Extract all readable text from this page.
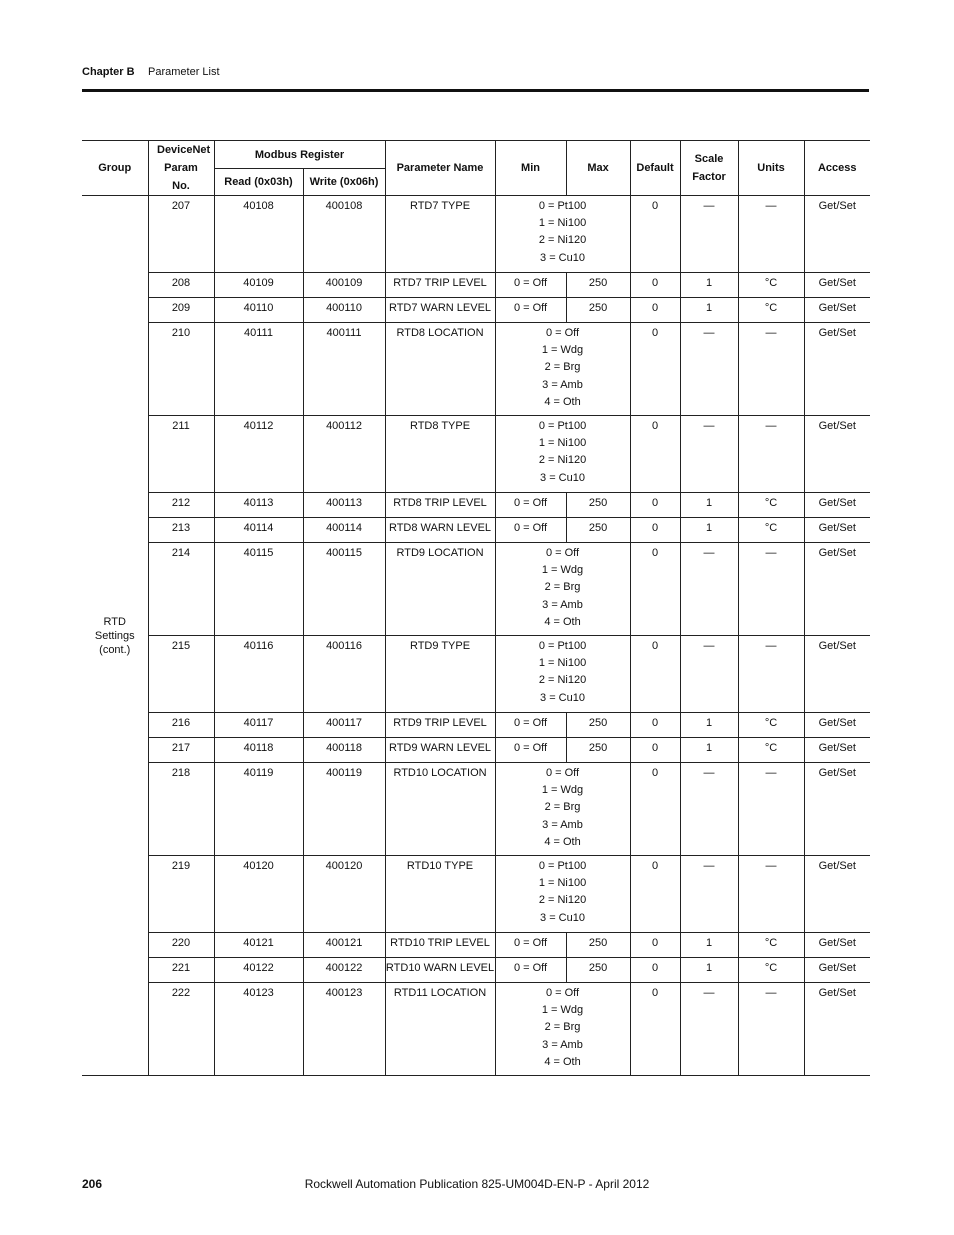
Chapter B Parameter List
Group	DeviceNet Param No.	Modbus Register		Parameter Name	Min	Max	Default	Scale Factor	Units	Access
		Read (0x03h)	Write (0x06h)							
RTD
Settings
(cont.)	207	40108	400108	RTD7 TYPE	0 = Pt100
1 = Ni100
2 = Ni120
3 = Cu10		0	—	—	Get/Set
	208	40109	400109	RTD7 TRIP LEVEL	0 = Off	250	0	1	°C	Get/Set
	209	40110	400110	RTD7 WARN LEVEL	0 = Off	250	0	1	°C	Get/Set
	210	40111	400111	RTD8 LOCATION	0 = Off
1 = Wdg
2 = Brg
3 = Amb
4 = Oth		0	—	—	Get/Set
	211	40112	400112	RTD8 TYPE	0 = Pt100
1 = Ni100
2 = Ni120
3 = Cu10		0	—	—	Get/Set
	212	40113	400113	RTD8 TRIP LEVEL	0 = Off	250	0	1	°C	Get/Set
	213	40114	400114	RTD8 WARN LEVEL	0 = Off	250	0	1	°C	Get/Set
	214	40115	400115	RTD9 LOCATION	0 = Off
1 = Wdg
2 = Brg
3 = Amb
4 = Oth		0	—	—	Get/Set
	215	40116	400116	RTD9 TYPE	0 = Pt100
1 = Ni100
2 = Ni120
3 = Cu10		0	—	—	Get/Set
	216	40117	400117	RTD9 TRIP LEVEL	0 = Off	250	0	1	°C	Get/Set
	217	40118	400118	RTD9 WARN LEVEL	0 = Off	250	0	1	°C	Get/Set
	218	40119	400119	RTD10 LOCATION	0 = Off
1 = Wdg
2 = Brg
3 = Amb
4 = Oth		0	—	—	Get/Set
	219	40120	400120	RTD10 TYPE	0 = Pt100
1 = Ni100
2 = Ni120
3 = Cu10		0	—	—	Get/Set
	220	40121	400121	RTD10 TRIP LEVEL	0 = Off	250	0	1	°C	Get/Set
	221	40122	400122	RTD10 WARN LEVEL	0 = Off	250	0	1	°C	Get/Set
	222	40123	400123	RTD11 LOCATION	0 = Off
1 = Wdg
2 = Brg
3 = Amb
4 = Oth		0	—	—	Get/Set
206	Rockwell Automation Publication 825-UM004D-EN-P - April 2012
